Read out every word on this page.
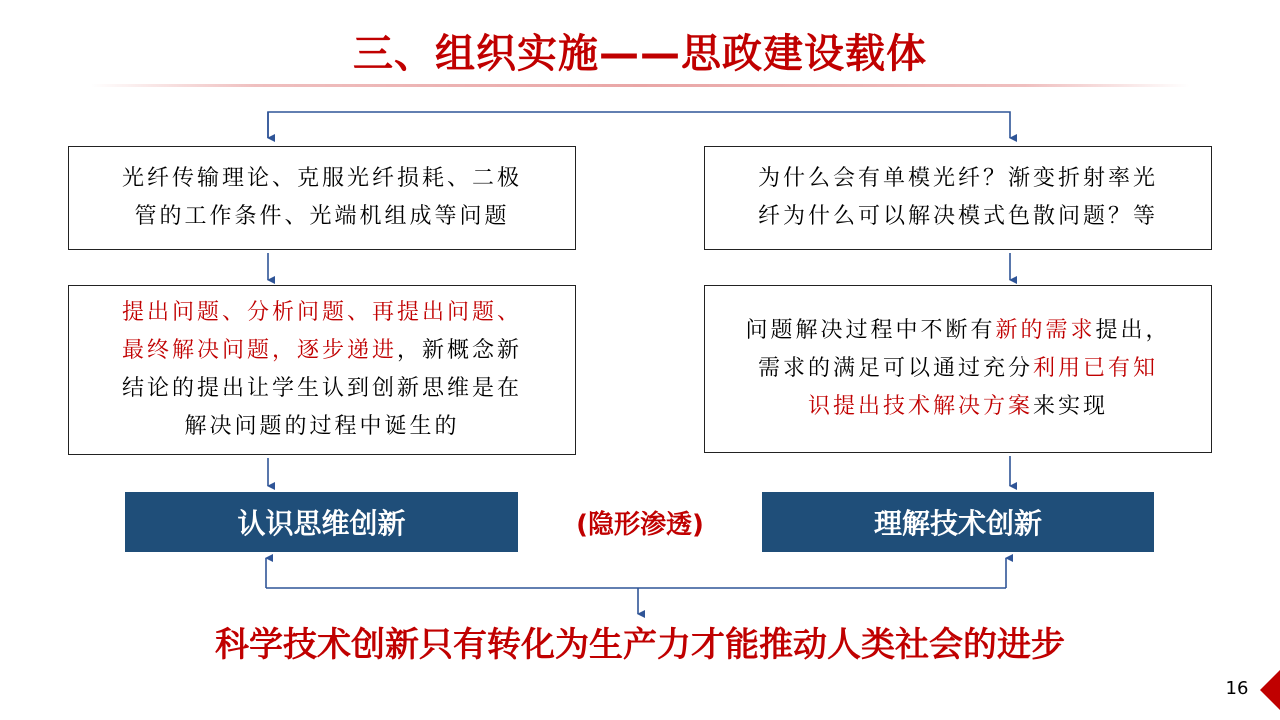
三、组织实施——思政建设载体
光纤传输理论、克服光纤损耗、二极
管的工作条件、光端机组成等问题
提出问题、分析问题、再提出问题、
最终解决问题，逐步递进，新概念新
结论的提出让学生认到创新思维是在
解决问题的过程中诞生的
认识思维创新
为什么会有单模光纤？渐变折射率光
纤为什么可以解决模式色散问题？等
问题解决过程中不断有新的需求提出，
需求的满足可以通过充分利用已有知
识提出技术解决方案来实现
理解技术创新
(隐形渗透)
科学技术创新只有转化为生产力才能推动人类社会的进步
16
